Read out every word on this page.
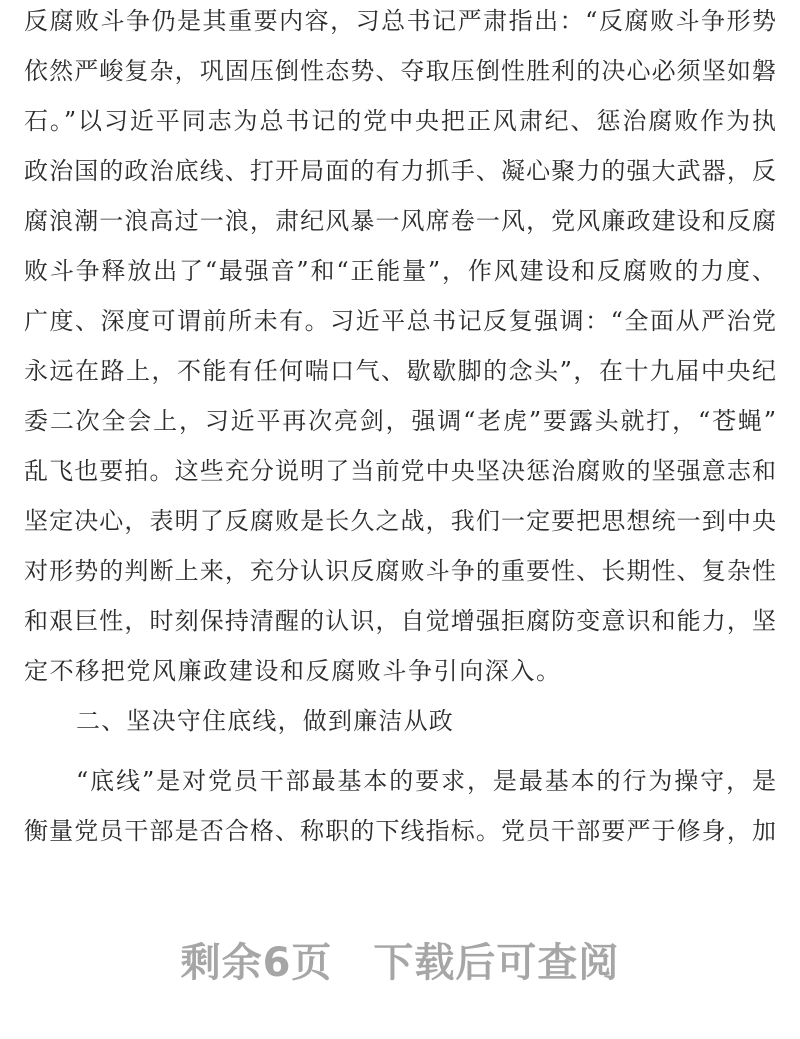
反腐败斗争仍是其重要内容，习总书记严肃指出：“反腐败斗争形势
依然严峻复杂，巩固压倒性态势、夺取压倒性胜利的决心必须坚如磐
石。”以习近平同志为总书记的党中央把正风肃纪、惩治腐败作为执
政治国的政治底线、打开局面的有力抓手、凝心聚力的强大武器，反
腐浪潮一浪高过一浪，肃纪风暴一风席卷一风，党风廉政建设和反腐
败斗争释放出了“最强音”和“正能量”，作风建设和反腐败的力度、
广度、深度可谓前所未有。习近平总书记反复强调：“全面从严治党
永远在路上，不能有任何喘口气、歇歇脚的念头”，在十九届中央纪
委二次全会上，习近平再次亮剑，强调“老虎”要露头就打，“苍蝇”
乱飞也要拍。这些充分说明了当前党中央坚决惩治腐败的坚强意志和
坚定决心，表明了反腐败是长久之战，我们一定要把思想统一到中央
对形势的判断上来，充分认识反腐败斗争的重要性、长期性、复杂性
和艰巨性，时刻保持清醒的认识，自觉增强拒腐防变意识和能力，坚
定不移把党风廉政建设和反腐败斗争引向深入。
二、坚决守住底线，做到廉洁从政
“底线”是对党员干部最基本的要求，是最基本的行为操守，是
衡量党员干部是否合格、称职的下线指标。党员干部要严于修身，加
剩余6页　下载后可查阅
